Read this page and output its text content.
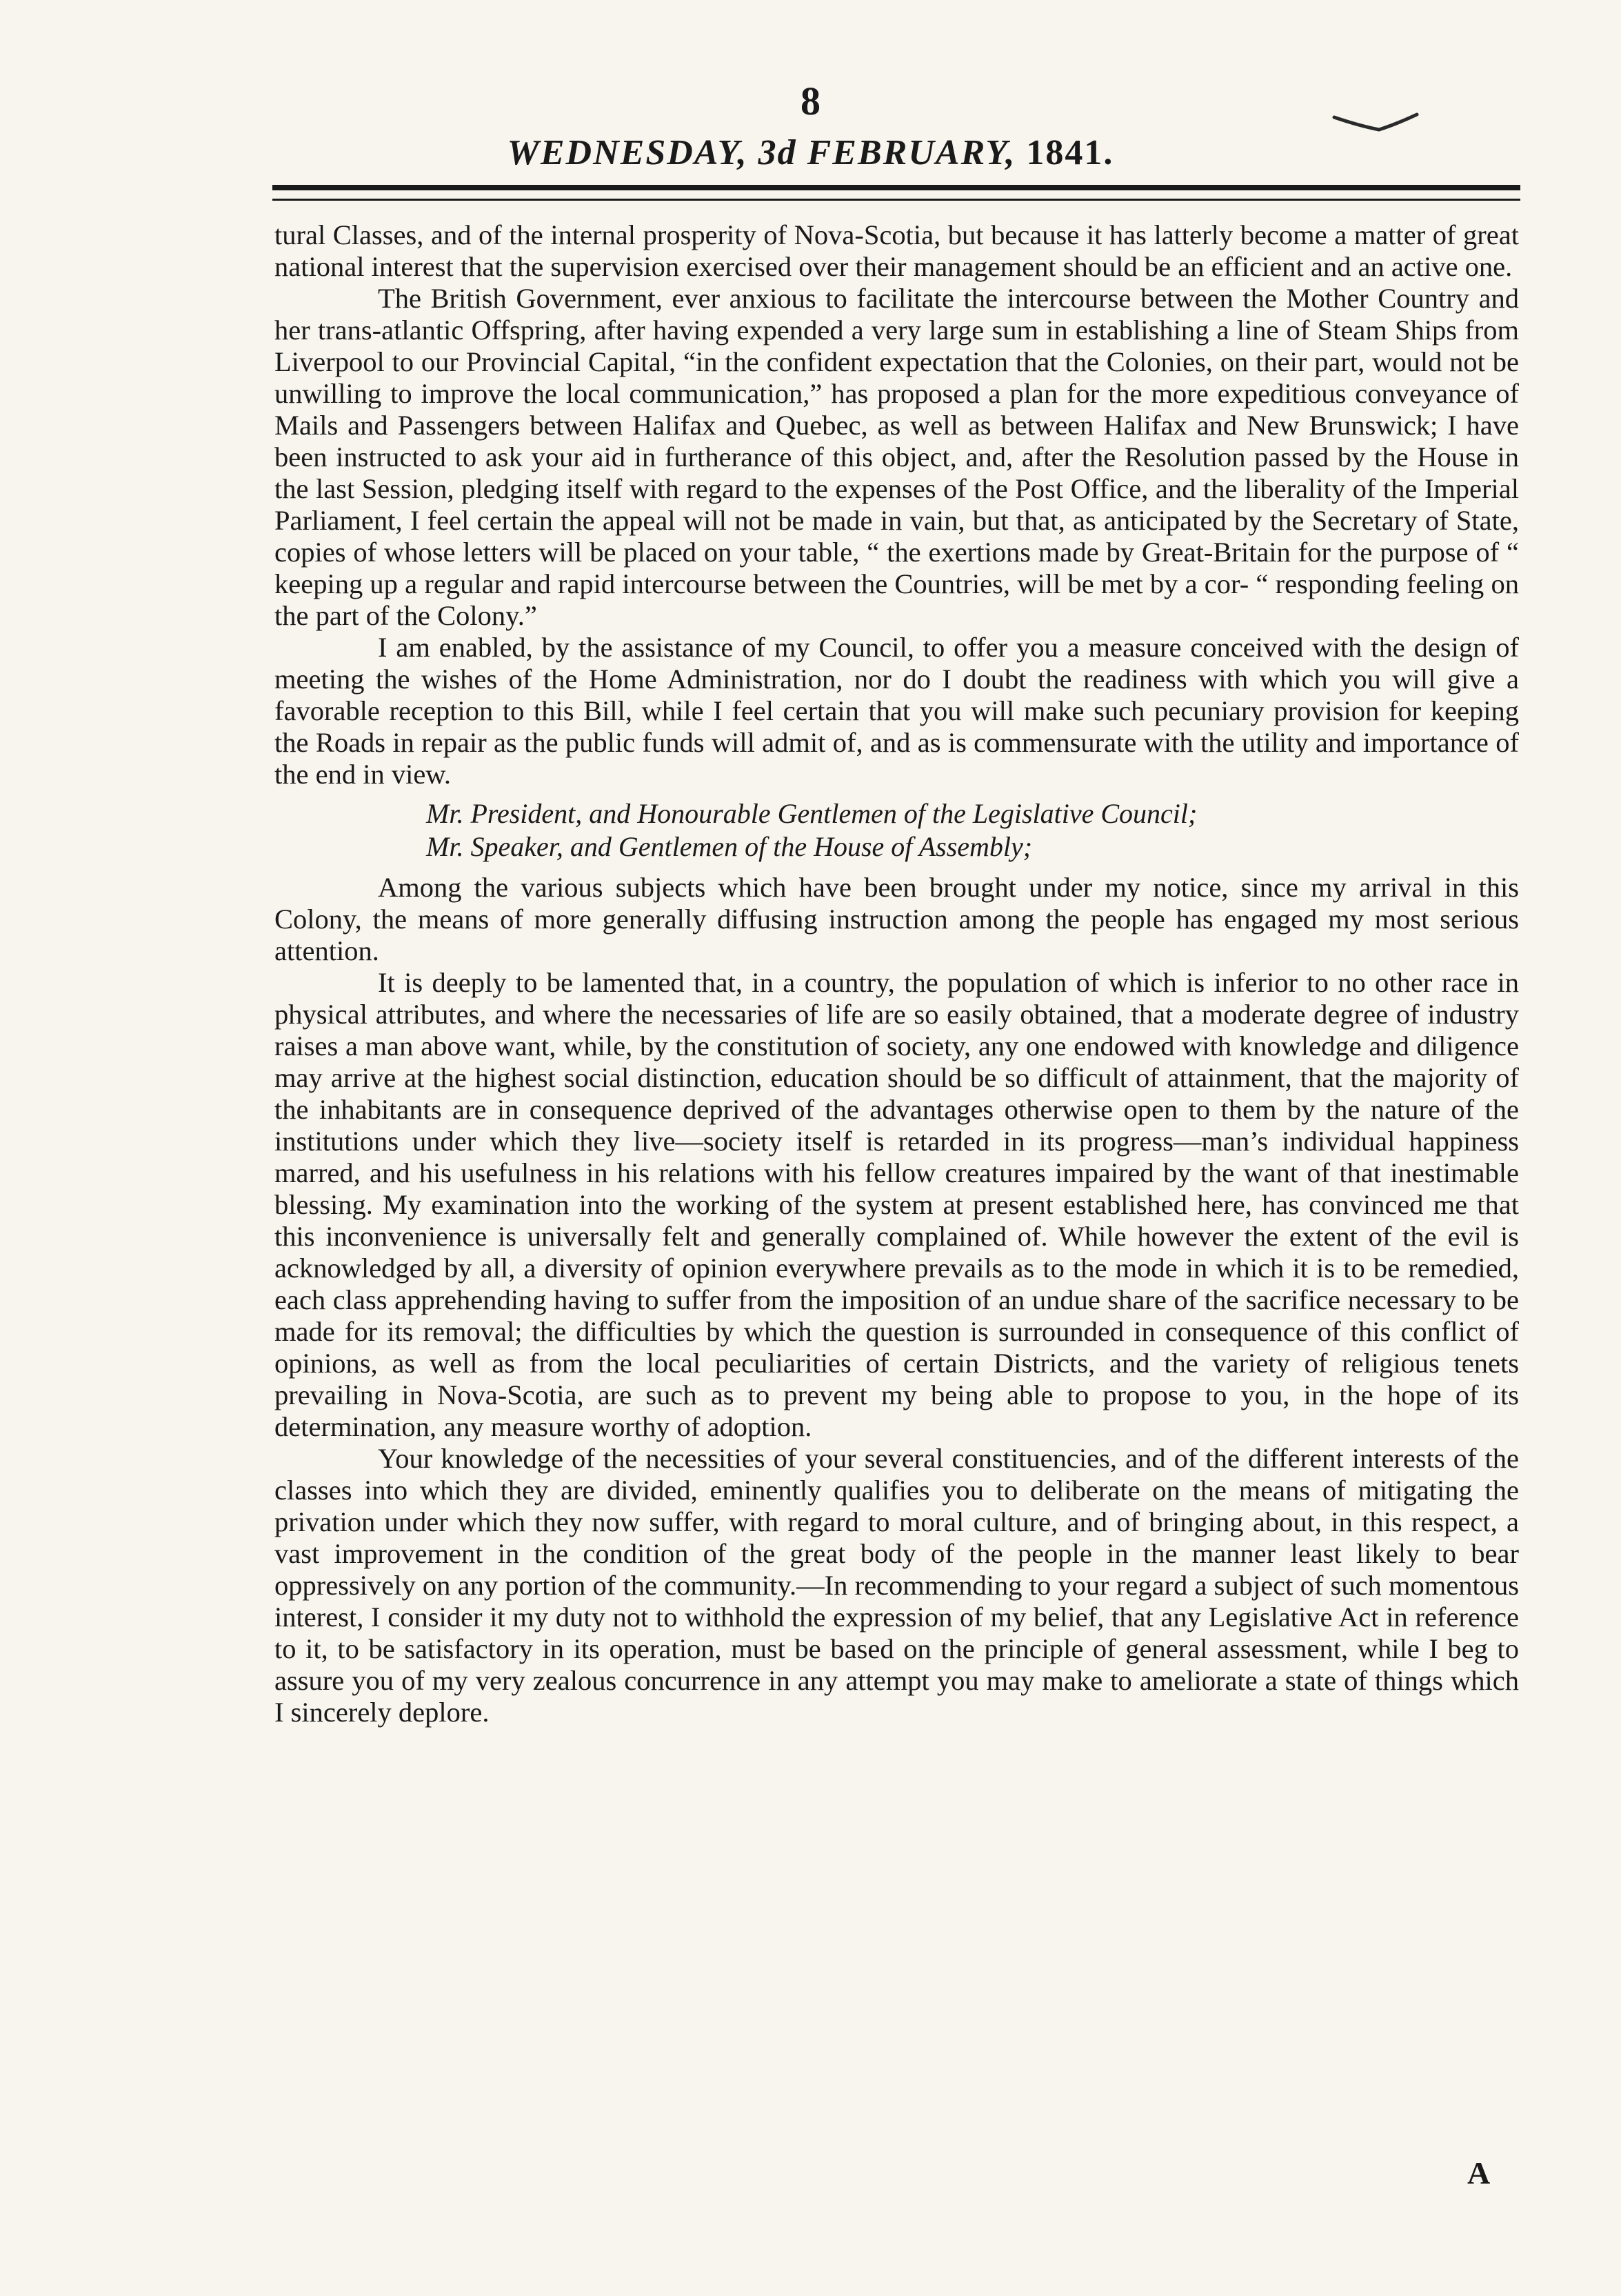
8
WEDNESDAY, 3d FEBRUARY, 1841.

tural Classes, and of the internal prosperity of Nova-Scotia, but because it has latterly become a matter of great national interest that the supervision exercised over their management should be an efficient and an active one.

The British Government, ever anxious to facilitate the intercourse between the Mother Country and her trans-atlantic Offspring, after having expended a very large sum in establishing a line of Steam Ships from Liverpool to our Provincial Capital, “in the confident expectation that the Colonies, on their part, would not be unwilling to improve the local communication,” has proposed a plan for the more expeditious conveyance of Mails and Passengers between Halifax and Quebec, as well as between Halifax and New Brunswick; I have been instructed to ask your aid in furtherance of this object, and, after the Resolution passed by the House in the last Session, pledging itself with regard to the expenses of the Post Office, and the liberality of the Imperial Parliament, I feel certain the appeal will not be made in vain, but that, as anticipated by the Secretary of State, copies of whose letters will be placed on your table, “ the exertions made by Great-Britain for the purpose of “ keeping up a regular and rapid intercourse between the Countries, will be met by a cor- “ responding feeling on the part of the Colony.”

I am enabled, by the assistance of my Council, to offer you a measure conceived with the design of meeting the wishes of the Home Administration, nor do I doubt the readiness with which you will give a favorable reception to this Bill, while I feel certain that you will make such pecuniary provision for keeping the Roads in repair as the public funds will admit of, and as is commensurate with the utility and importance of the end in view.

Mr. President, and Honourable Gentlemen of the Legislative Council;
Mr. Speaker, and Gentlemen of the House of Assembly;

Among the various subjects which have been brought under my notice, since my arrival in this Colony, the means of more generally diffusing instruction among the people has engaged my most serious attention.

It is deeply to be lamented that, in a country, the population of which is inferior to no other race in physical attributes, and where the necessaries of life are so easily obtained, that a moderate degree of industry raises a man above want, while, by the constitution of society, any one endowed with knowledge and diligence may arrive at the highest social distinction, education should be so difficult of attainment, that the majority of the inhabitants are in consequence deprived of the advantages otherwise open to them by the nature of the institutions under which they live—society itself is retarded in its progress—man’s individual happiness marred, and his usefulness in his relations with his fellow creatures impaired by the want of that inestimable blessing. My examination into the working of the system at present established here, has convinced me that this inconvenience is universally felt and generally complained of. While however the extent of the evil is acknowledged by all, a diversity of opinion everywhere prevails as to the mode in which it is to be remedied, each class apprehending having to suffer from the imposition of an undue share of the sacrifice necessary to be made for its removal; the difficulties by which the question is surrounded in consequence of this conflict of opinions, as well as from the local peculiarities of certain Districts, and the variety of religious tenets prevailing in Nova-Scotia, are such as to prevent my being able to propose to you, in the hope of its determination, any measure worthy of adoption.

Your knowledge of the necessities of your several constituencies, and of the different interests of the classes into which they are divided, eminently qualifies you to deliberate on the means of mitigating the privation under which they now suffer, with regard to moral culture, and of bringing about, in this respect, a vast improvement in the condition of the great body of the people in the manner least likely to bear oppressively on any portion of the community.—In recommending to your regard a subject of such momentous interest, I consider it my duty not to withhold the expression of my belief, that any Legislative Act in reference to it, to be satisfactory in its operation, must be based on the principle of general assessment, while I beg to assure you of my very zealous concurrence in any attempt you may make to ameliorate a state of things which I sincerely deplore.

A
